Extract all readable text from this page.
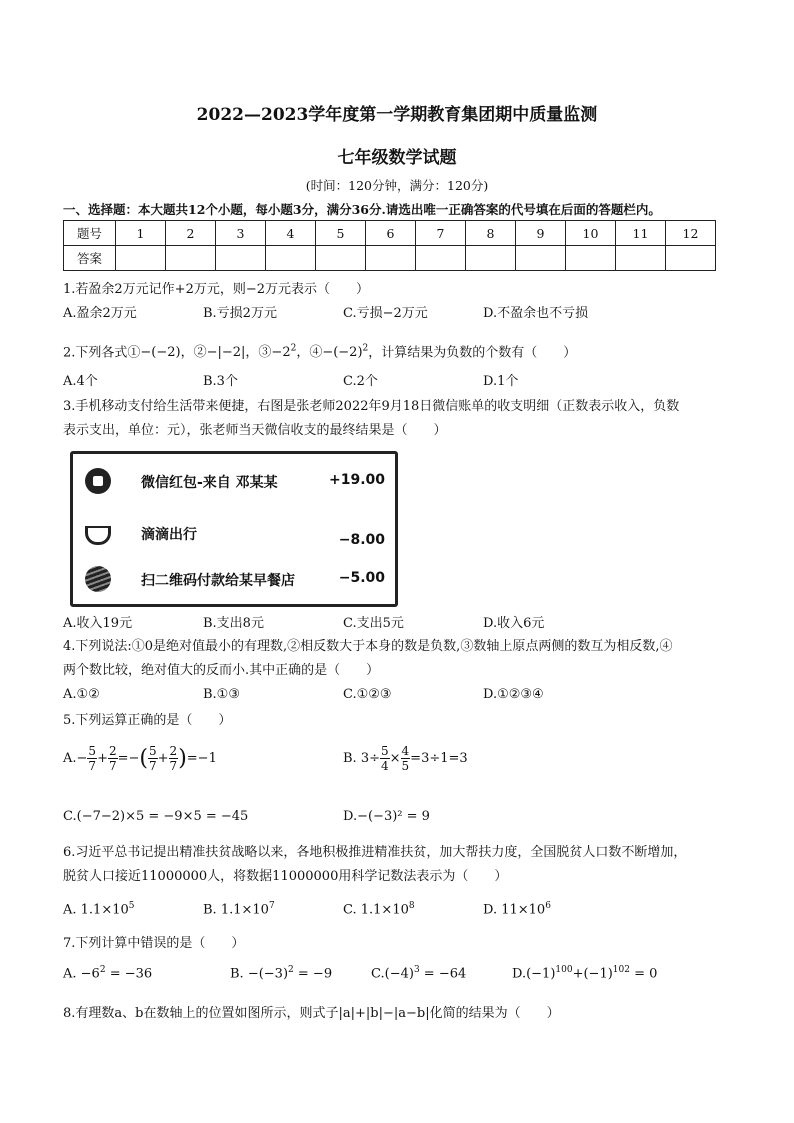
2022—2023学年度第一学期教育集团期中质量监测
七年级数学试题
(时间：120分钟，满分：120分)
一、选择题：本大题共12个小题，每小题3分，满分36分.请选出唯一正确答案的代号填在后面的答题栏内。
题号	1	2	3	4	5	6	7	8	9	10	11	12
答案												
1.若盈余2万元记作+2万元，则−2万元表示（　　）
A.盈余2万元	B.亏损2万元	C.亏损−2万元	D.不盈余也不亏损
2.下列各式①−(−2)，②−|−2|，$③-2^2$，$④-(-2)^2$，计算结果为负数的个数有（　　）
A.4个	B.3个	C.2个	D.1个
3.手机移动支付给生活带来便捷，右图是张老师2022年9月18日微信账单的收支明细（正数表示收入，负数
表示支出，单位：元），张老师当天微信收支的最终结果是（　　）
微信红包-来自 邓某某	+19.00
滴滴出行	−8.00
扫二维码付款给某早餐店	−5.00
A.收入19元	B.支出8元	C.支出5元	D.收入6元
4.下列说法:①0是绝对值最小的有理数,②相反数大于本身的数是负数,③数轴上原点两侧的数互为相反数,④
两个数比较，绝对值大的反而小.其中正确的是（　　）
A.①②	B.①③	C.①②③	D.①②③④
5.下列运算正确的是（　　）
$A.- \frac{5}{7} + \frac{2}{7}$ =−( $\frac{5}{7} + \frac{2}{7} )=-1$	B. $3\div \frac{5}{4} \times \frac{4}{5} =3\div 1=3$
C.(−7−2)×5 = −9×5 = −45	D.−(−3)² = 9
6.习近平总书记提出精准扶贫战略以来，各地积极推进精准扶贫，加大帮扶力度，全国脱贫人口数不断增加，
脱贫人口接近11000000人，将数据11000000用科学记数法表示为（　　）
A. $1.1\times 10^5$	B. $1.1\times 10^7$	C. $1.1\times 10^8$	D. $11\times 10^6$
7.下列计算中错误的是（　　）
A. $-6^2 = -36$	B. $-(-3)^2 = -9$	$C.(-4)^3 = -64$	$D.(-1)^{100}+(-1)^{102} = 0$
8.有理数a、b在数轴上的位置如图所示，则式子|a|+|b|−|a−b|化简的结果为（　　）
